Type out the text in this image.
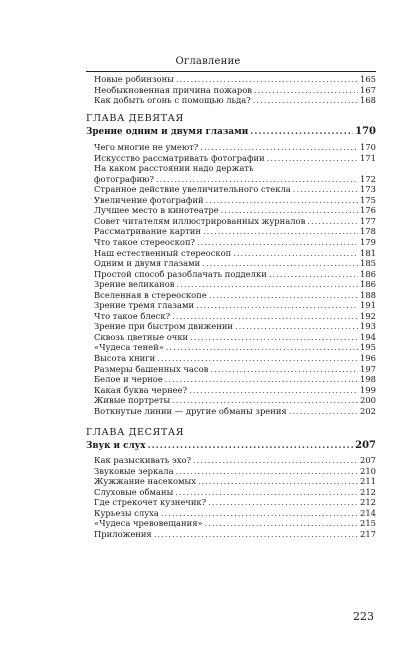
Оглавление
Новые робинзоны .....	165
Необыкновенная причина пожаров .....	167
Как добыть огонь с помощью льда? .....	168
ГЛАВА ДЕВЯТАЯ
Зрение одним и двумя глазами .....	170
Чего многие не умеют? .....	170
Искусство рассматривать фотографии .....	171
На каком расстоянии надо держать
фотографию? .....	172
Странное действие увеличительного стекла .....	173
Увеличение фотографий .....	175
Лучшее место в кинотеатре .....	176
Совет читателям иллюстрированных журналов .....	177
Рассматривание картин .....	178
Что такое стереоскоп? .....	179
Наш естественный стереоскоп .....	181
Одним и двумя глазами .....	185
Простой способ разоблачать подделки .....	186
Зрение великанов .....	186
Вселенная в стереоскопе .....	188
Зрение тремя глазами .....	191
Что такое блеск? .....	192
Зрение при быстром движении .....	193
Сквозь цветные очки .....	194
«Чудеса теней» .....	195
Высота книги .....	196
Размеры башенных часов .....	197
Белое и черное .....	198
Какая буква чернее? .....	199
Живые портреты .....	200
Воткнутые линии — другие обманы зрения .....	202
ГЛАВА ДЕСЯТАЯ
Звук и слух .....	207
Как разыскивать эхо? .....	207
Звуковые зеркала .....	210
Жужжание насекомых .....	211
Слуховые обманы .....	212
Где стрекочет кузнечик? .....	212
Курьезы слуха .....	214
«Чудеса чревовещания» .....	215
Приложения .....	217
223
